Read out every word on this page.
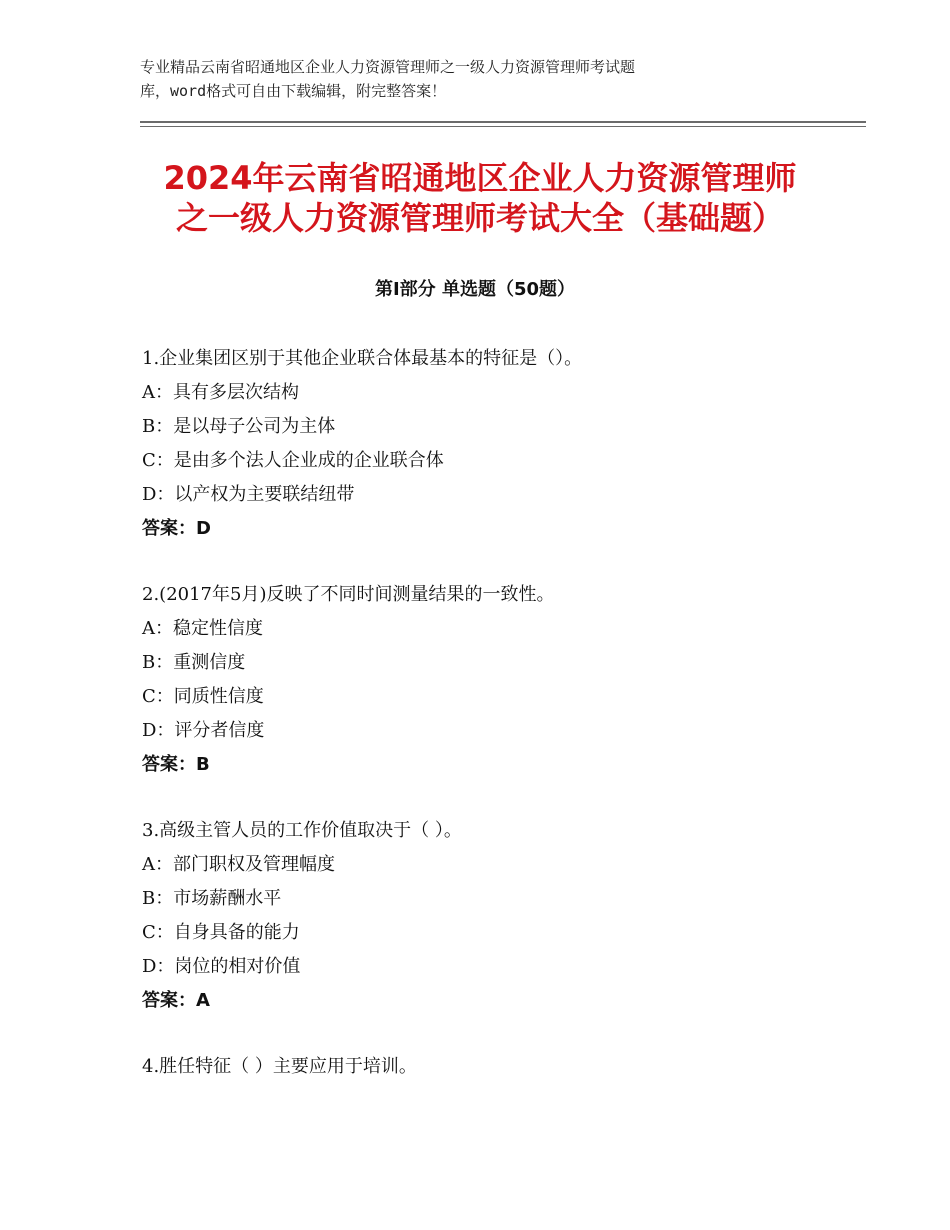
专业精品云南省昭通地区企业人力资源管理师之一级人力资源管理师考试题
库，word格式可自由下载编辑，附完整答案！
2024年云南省昭通地区企业人力资源管理师
之一级人力资源管理师考试大全（基础题）
第Ⅰ部分 单选题（50题）
1.企业集团区别于其他企业联合体最基本的特征是（）。
A：具有多层次结构
B：是以母子公司为主体
C：是由多个法人企业成的企业联合体
D：以产权为主要联结纽带
答案：D
2.(2017年5月)反映了不同时间测量结果的一致性。
A：稳定性信度
B：重测信度
C：同质性信度
D：评分者信度
答案：B
3.高级主管人员的工作价值取决于（ ）。
A：部门职权及管理幅度
B：市场薪酬水平
C：自身具备的能力
D：岗位的相对价值
答案：A
4.胜任特征（ ）主要应用于培训。
